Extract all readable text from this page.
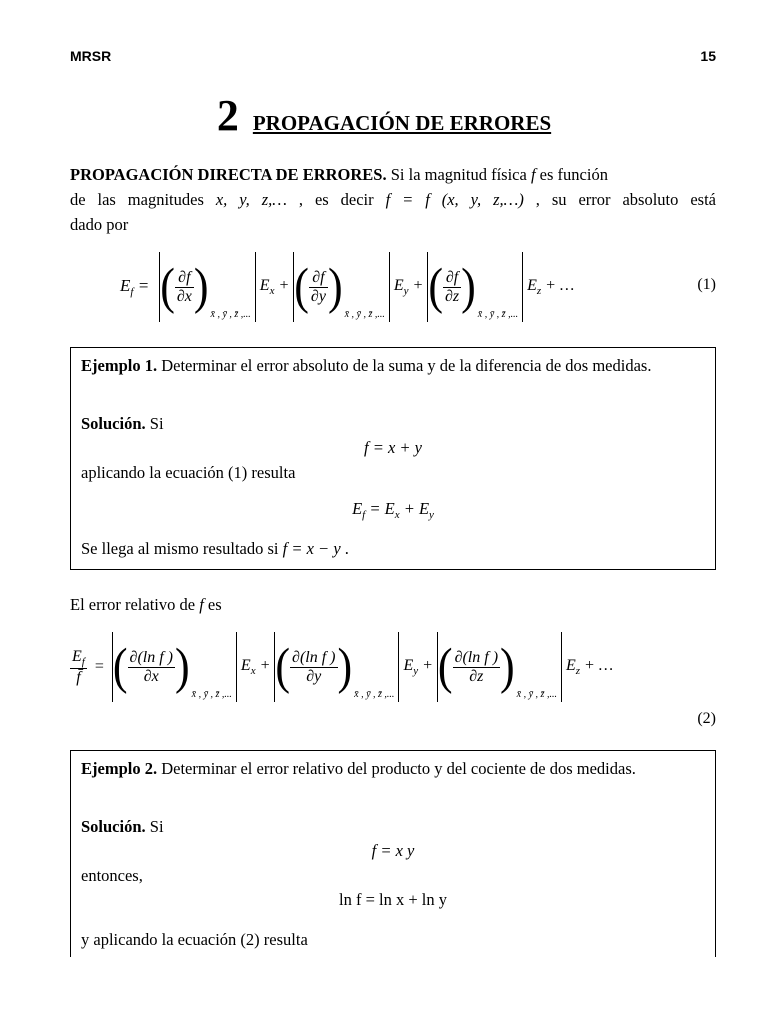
MRSR	15
2 PROPAGACIÓN DE ERRORES
PROPAGACIÓN DIRECTA DE ERRORES. Si la magnitud física f es función
de las magnitudes x, y, z,… , es decir f = f (x, y, z,…) , su error absoluto está
dado por
$E_f$ = ( $\frac{\partial f}{\partial x}$ ) x̄ , ȳ , z̄ ,... $E_x$ + ( $\frac{\partial f}{\partial y}$ ) x̄ , ȳ , z̄ ,... $E_y$ + ( $\frac{\partial f}{\partial z}$ ) x̄ , ȳ , z̄ ,... $E_z$ + …	(1)
Ejemplo 1. Determinar el error absoluto de la suma y de la diferencia de dos medidas.
Solución. Si
f = x + y
aplicando la ecuación (1) resulta
$E_f = E_x + E_y$
Se llega al mismo resultado si f = x − y .
El error relativo de f es
$\frac{E_f}{f̄}$ = ( $\frac{\text{∂(ln f )}}{\partial x}$ ) x̄ , ȳ , z̄ ,... $E_x$ + ( $\frac{\text{∂(ln f )}}{\partial y}$ ) x̄ , ȳ , z̄ ,... $E_y$ + ( $\frac{\text{∂(ln f )}}{\partial z}$ ) x̄ , ȳ , z̄ ,... $E_z$ + …
(2)
Ejemplo 2. Determinar el error relativo del producto y del cociente de dos medidas.
Solución. Si
f = x y
entonces,
ln f = ln x + ln y
y aplicando la ecuación (2) resulta
